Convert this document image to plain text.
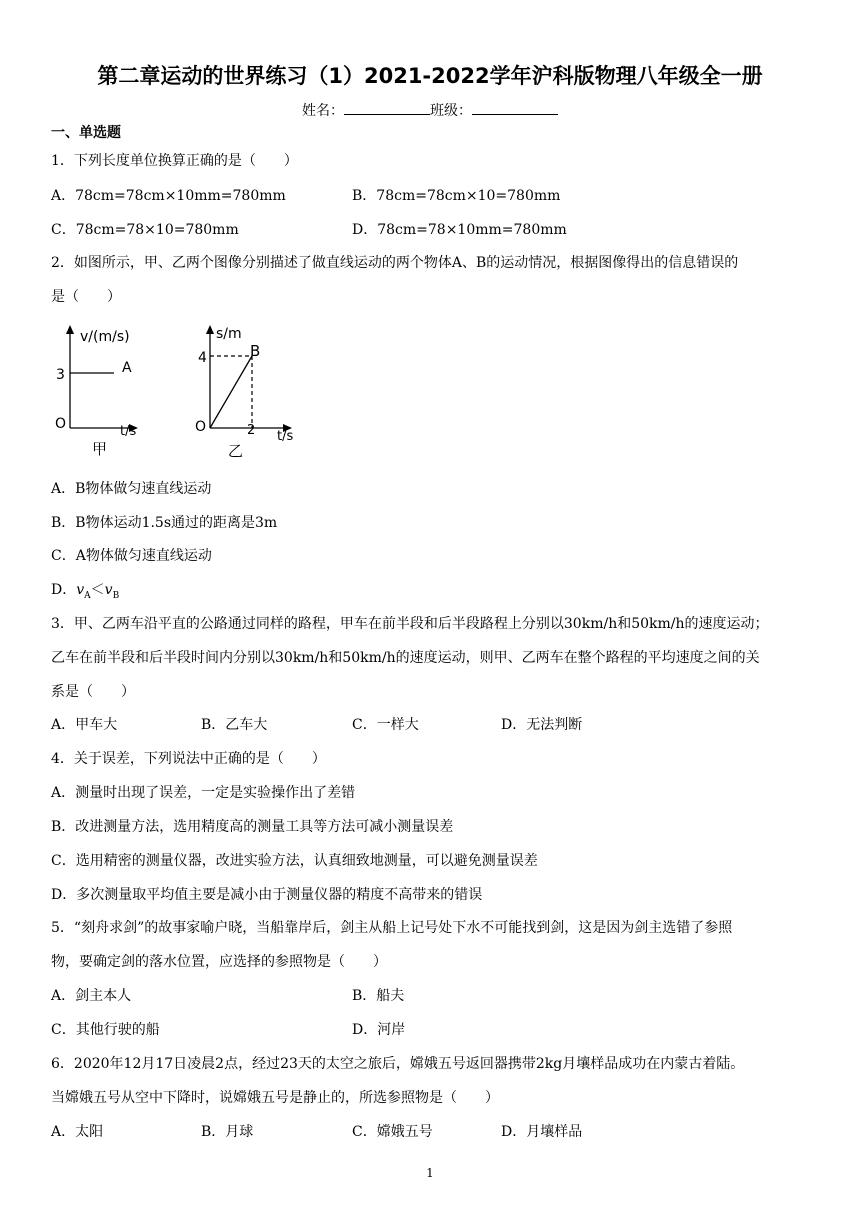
第二章运动的世界练习（1）2021-2022学年沪科版物理八年级全一册
姓名：	班级：
一、单选题
1．下列长度单位换算正确的是（　　）
A．78cm=78cm×10mm=780mm	B．78cm=78cm×10=780mm
C．78cm=78×10=780mm	D．78cm=78×10mm=780mm
2．如图所示，甲、乙两个图像分别描述了做直线运动的两个物体A、B的运动情况，根据图像得出的信息错误的
是（　　）
v/(m/s)
3	A
O	t/s
甲
s/m
4	B
O	2 t/s
乙
A．B物体做匀速直线运动
B．B物体运动1.5s通过的距离是3m
C．A物体做匀速直线运动
D．$v_A<v_B$
3．甲、乙两车沿平直的公路通过同样的路程，甲车在前半段和后半段路程上分别以30km/h和50km/h的速度运动；
乙车在前半段和后半段时间内分别以30km/h和50km/h的速度运动，则甲、乙两车在整个路程的平均速度之间的关
系是（　　）
A．甲车大	B．乙车大	C．一样大	D．无法判断
4．关于误差，下列说法中正确的是（　　）
A．测量时出现了误差，一定是实验操作出了差错
B．改进测量方法，选用精度高的测量工具等方法可减小测量误差
C．选用精密的测量仪器，改进实验方法，认真细致地测量，可以避免测量误差
D．多次测量取平均值主要是减小由于测量仪器的精度不高带来的错误
5．“刻舟求剑”的故事家喻户晓，当船靠岸后，剑主从船上记号处下水不可能找到剑，这是因为剑主选错了参照
物，要确定剑的落水位置，应选择的参照物是（　　）
A．剑主本人	B．船夫
C．其他行驶的船	D．河岸
6．2020年12月17日凌晨2点，经过23天的太空之旅后，嫦娥五号返回器携带2kg月壤样品成功在内蒙古着陆。
当嫦娥五号从空中下降时，说嫦娥五号是静止的，所选参照物是（　　）
A．太阳	B．月球	C．嫦娥五号	D．月壤样品
1
